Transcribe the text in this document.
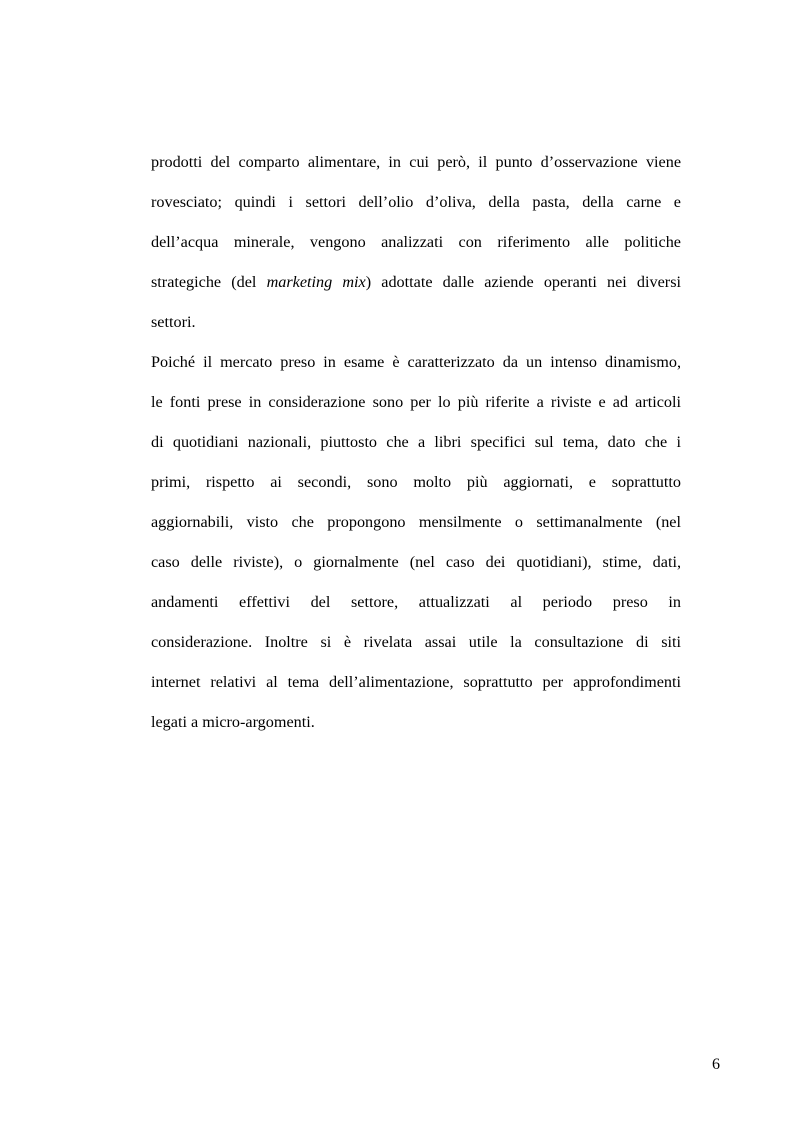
prodotti del comparto alimentare, in cui però, il punto d’osservazione viene
rovesciato; quindi i settori dell’olio d’oliva, della pasta, della carne e
dell’acqua minerale, vengono analizzati con riferimento alle politiche
strategiche (del marketing mix) adottate dalle aziende operanti nei diversi
settori.
Poiché il mercato preso in esame è caratterizzato da un intenso dinamismo,
le fonti prese in considerazione sono per lo più riferite a riviste e ad articoli
di quotidiani nazionali, piuttosto che a libri specifici sul tema, dato che i
primi, rispetto ai secondi, sono molto più aggiornati, e soprattutto
aggiornabili, visto che propongono mensilmente o settimanalmente (nel
caso delle riviste), o giornalmente (nel caso dei quotidiani), stime, dati,
andamenti effettivi del settore, attualizzati al periodo preso in
considerazione. Inoltre si è rivelata assai utile la consultazione di siti
internet relativi al tema dell’alimentazione, soprattutto per approfondimenti
legati a micro-argomenti.
6
